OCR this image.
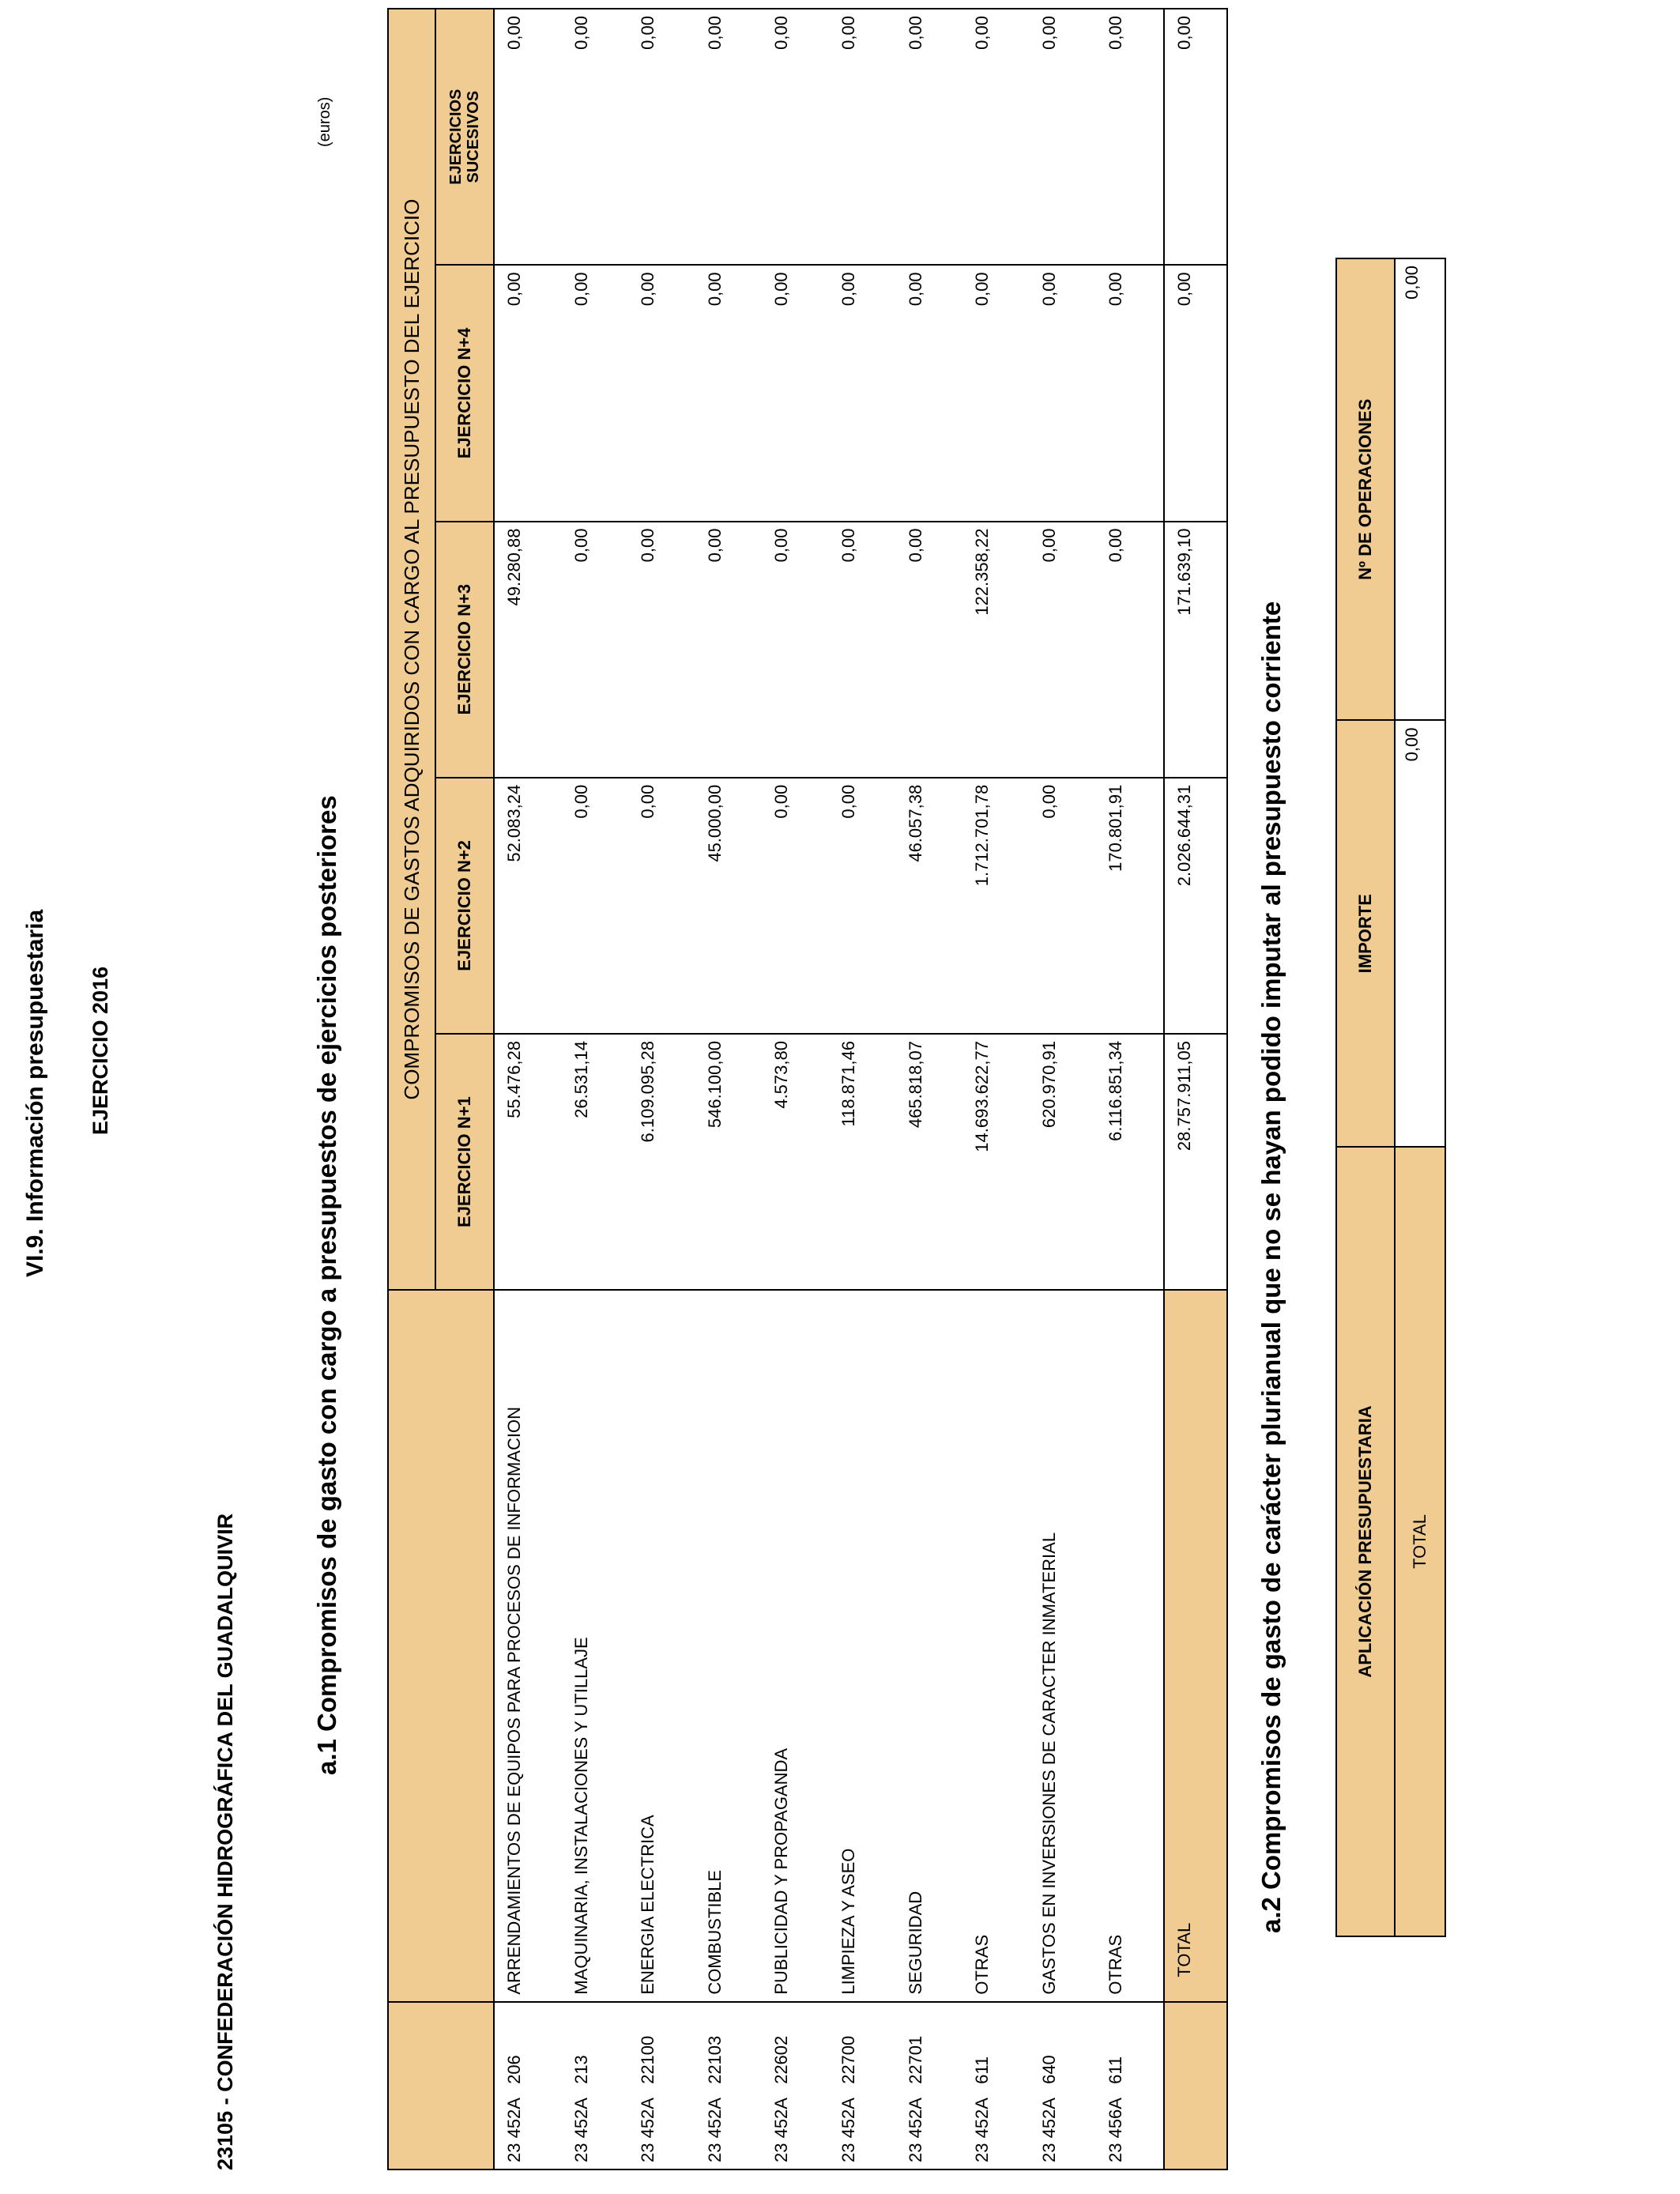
VI.9. Información presupuestaria EJERCICIO 2016
23105 - CONFEDERACIÓN HIDROGRÁFICA DEL GUADALQUIVIR
a.1 Compromisos de gasto con cargo a presupuestos de ejercicios posteriores
(euros)
		COMPROMISOS DE GASTOS ADQUIRIDOS CON CARGO AL PRESUPUESTO DEL EJERCICIO				
		EJERCICIO N+1	EJERCICIO N+2	EJERCICIO N+3	EJERCICIO N+4	EJERCICIOS SUCESIVOS

23 452A   206	ARRENDAMIENTOS DE EQUIPOS PARA PROCESOS DE INFORMACION	55.476,28	52.083,24	49.280,88	0,00	0,00
23 452A   213	MAQUINARIA, INSTALACIONES Y UTILLAJE	26.531,14	0,00	0,00	0,00	0,00
23 452A   22100	ENERGIA ELECTRICA	6.109.095,28	0,00	0,00	0,00	0,00
23 452A   22103	COMBUSTIBLE	546.100,00	45.000,00	0,00	0,00	0,00
23 452A   22602	PUBLICIDAD Y PROPAGANDA	4.573,80	0,00	0,00	0,00	0,00
23 452A   22700	LIMPIEZA Y ASEO	118.871,46	0,00	0,00	0,00	0,00
23 452A   22701	SEGURIDAD	465.818,07	46.057,38	0,00	0,00	0,00
23 452A   611	OTRAS	14.693.622,77	1.712.701,78	122.358,22	0,00	0,00
23 452A   640	GASTOS EN INVERSIONES DE CARACTER INMATERIAL	620.970,91	0,00	0,00	0,00	0,00
23 456A   611	OTRAS	6.116.851,34	170.801,91	0,00	0,00	0,00
	TOTAL	28.757.911,05	2.026.644,31	171.639,10	0,00	0,00
a.2 Compromisos de gasto de carácter plurianual que no se hayan podido imputar al presupuesto corriente	APLICACIÓN PRESUPUESTARIA	IMPORTE	Nº DE OPERACIONES
TOTAL	0,00	0,00
